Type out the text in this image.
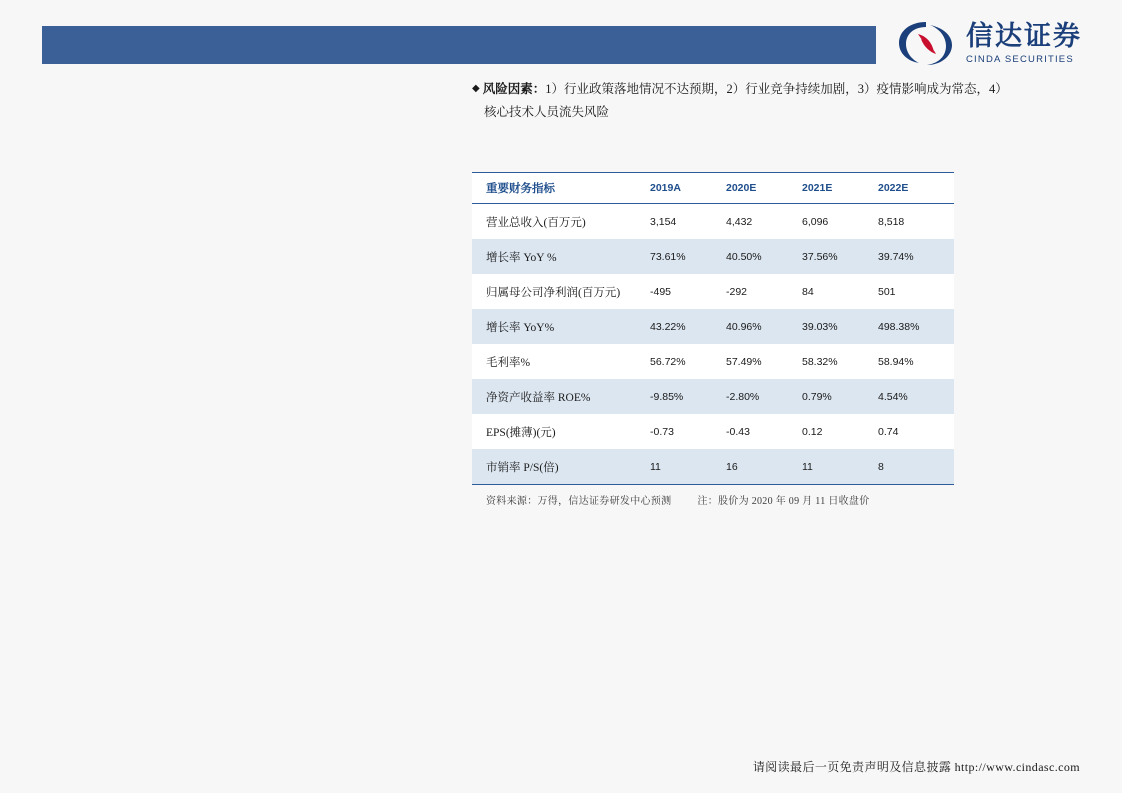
信达证券
CINDA SECURITIES
◆ 风险因素：1）行业政策落地情况不达预期，2）行业竞争持续加剧，3）疫情影响成为常态，4）
核心技术人员流失风险
重要财务指标	2019A	2020E	2021E	2022E
营业总收入(百万元)	3,154	4,432	6,096	8,518
增长率 YoY %	73.61%	40.50%	37.56%	39.74%
归属母公司净利润(百万元)	-495	-292	84	501
增长率 YoY%	43.22%	40.96%	39.03%	498.38%
毛利率%	56.72%	57.49%	58.32%	58.94%
净资产收益率 ROE%	-9.85%	-2.80%	0.79%	4.54%
EPS(摊薄)(元)	-0.73	-0.43	0.12	0.74
市销率 P/S(倍)	11	16	11	8
资料来源：万得，信达证券研发中心预测	注：股价为 2020 年 09 月 11 日收盘价
请阅读最后一页免责声明及信息披露 http://www.cindasc.com
